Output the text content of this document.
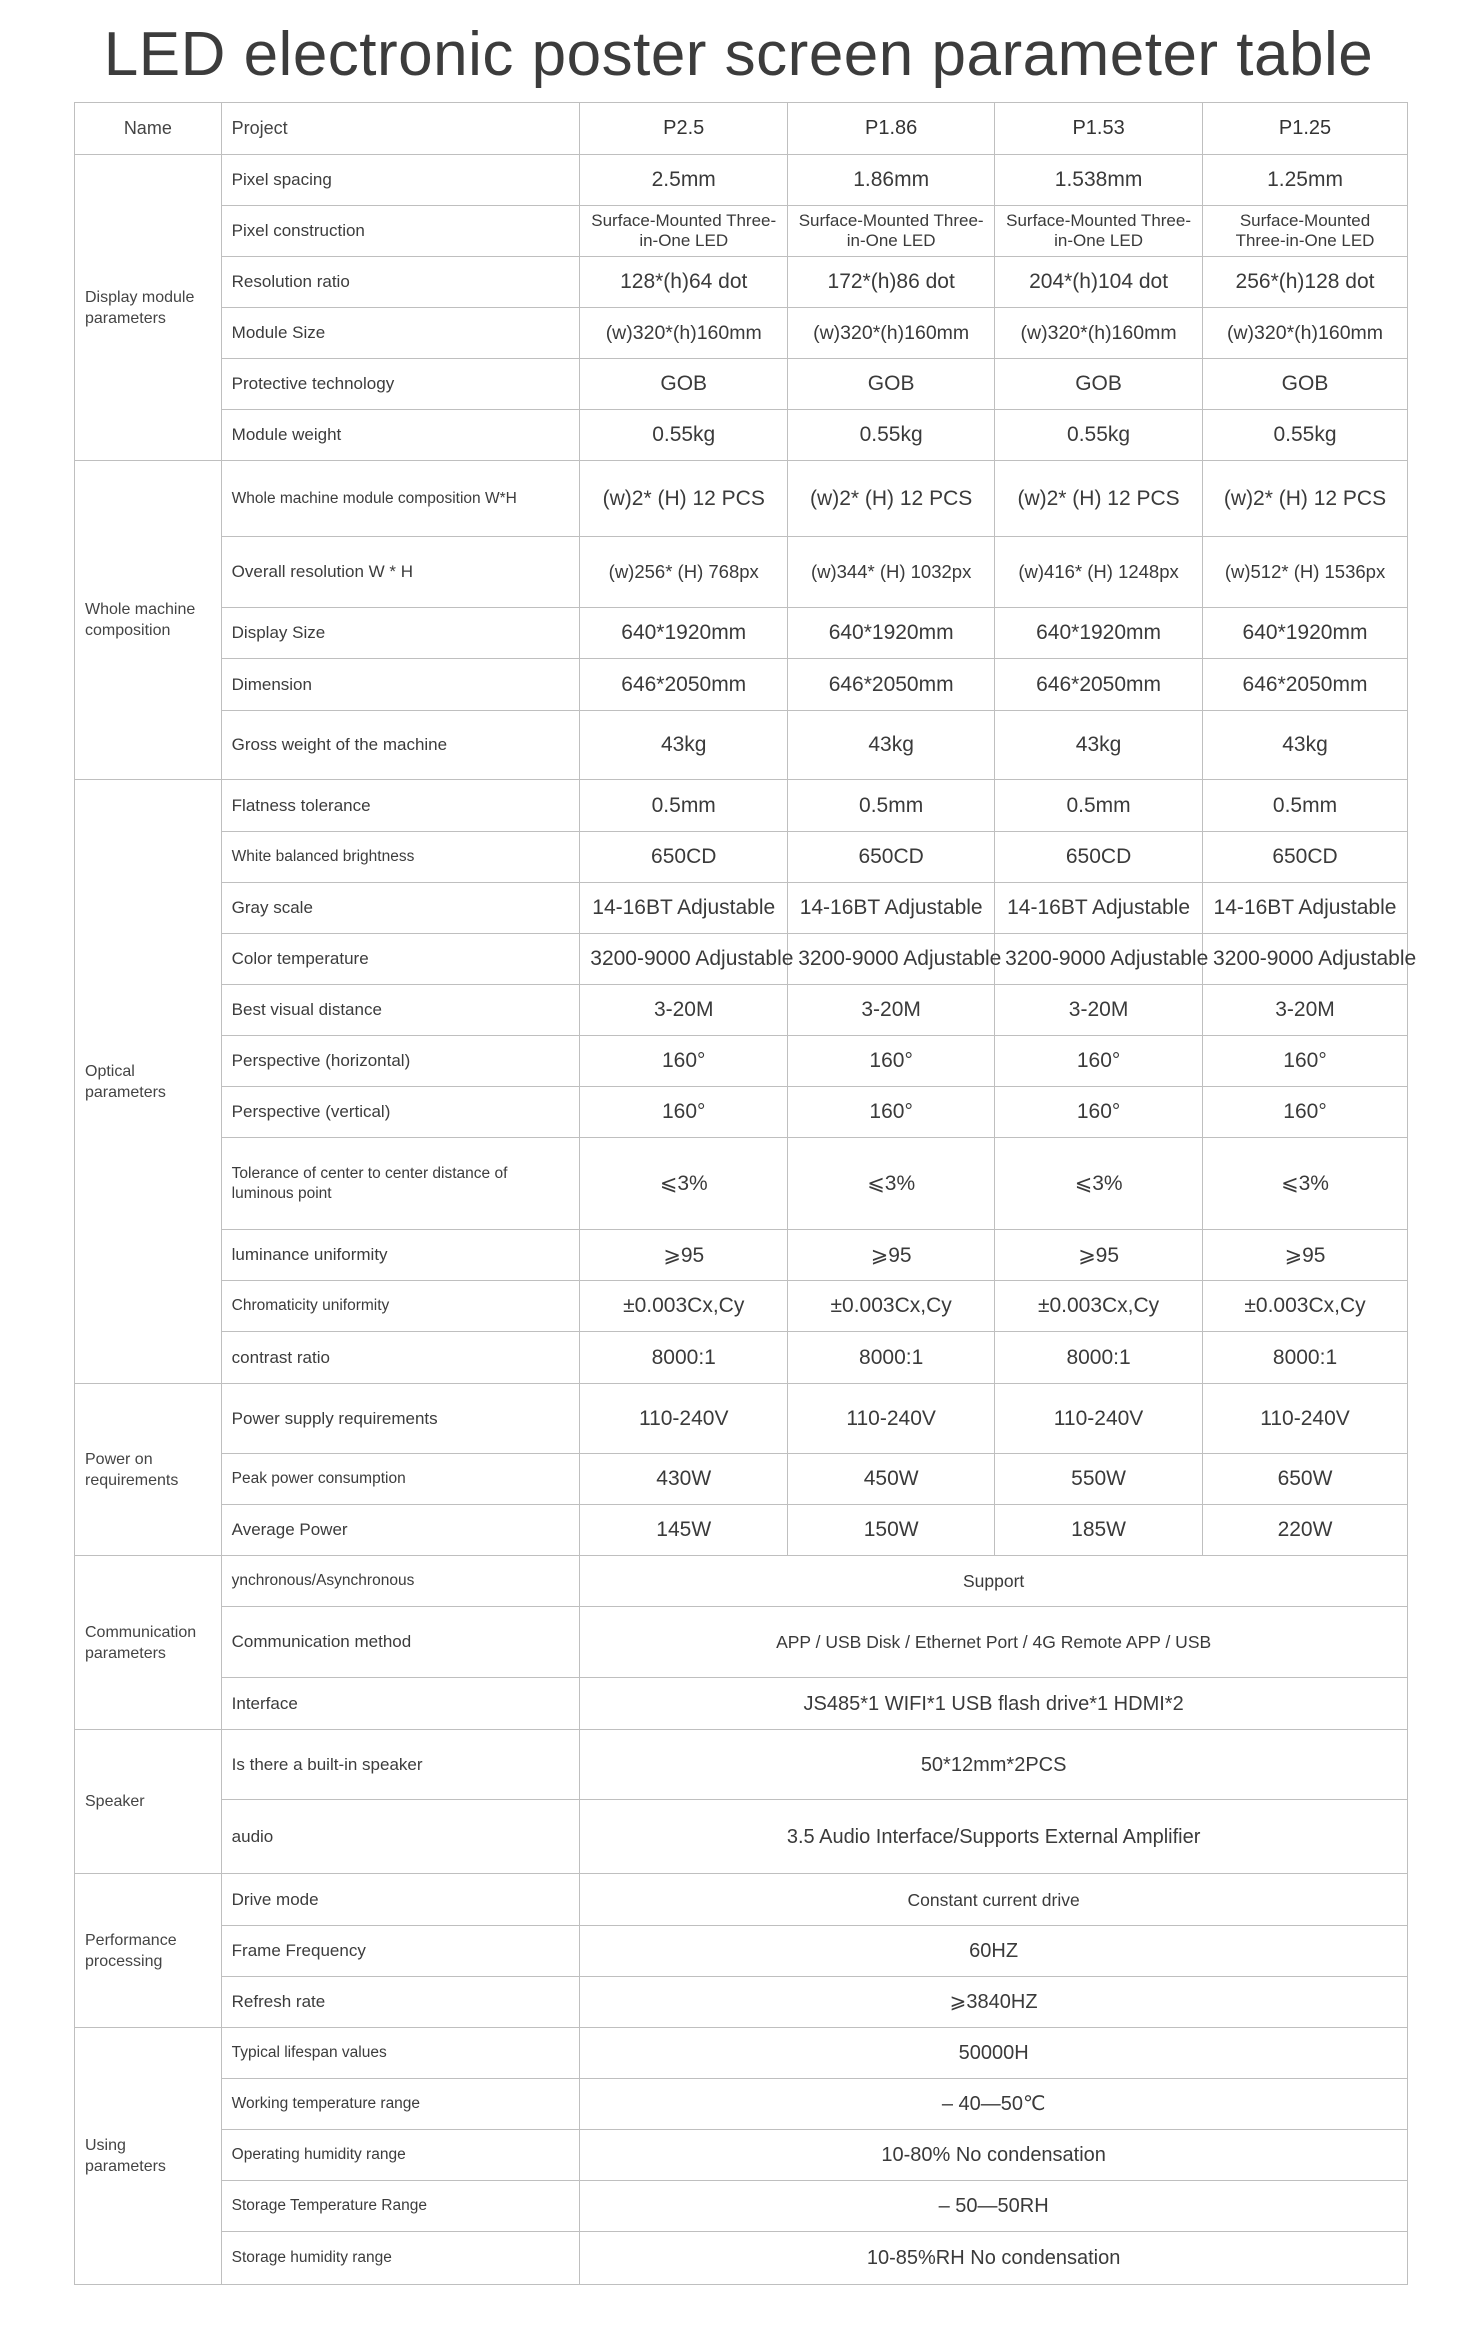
LED electronic poster screen parameter table
Name	Project	P2.5	P1.86	P1.53	P1.25
Display module parameters	Pixel spacing	2.5mm	1.86mm	1.538mm	1.25mm
	Pixel construction	Surface-Mounted Three-in-One LED	Surface-Mounted Three-in-One LED	Surface-Mounted Three-in-One LED	Surface-Mounted Three-in-One LED
	Resolution ratio	128*(h)64 dot	172*(h)86 dot	204*(h)104 dot	256*(h)128 dot
	Module Size	(w)320*(h)160mm	(w)320*(h)160mm	(w)320*(h)160mm	(w)320*(h)160mm
	Protective technology	GOB	GOB	GOB	GOB
	Module weight	0.55kg	0.55kg	0.55kg	0.55kg
Whole machine composition	Whole machine module composition W*H	(w)2* (H) 12 PCS	(w)2* (H) 12 PCS	(w)2* (H) 12 PCS	(w)2* (H) 12 PCS
	Overall resolution W * H	(w)256* (H) 768px	(w)344* (H) 1032px	(w)416* (H) 1248px	(w)512* (H) 1536px
	Display Size	640*1920mm	640*1920mm	640*1920mm	640*1920mm
	Dimension	646*2050mm	646*2050mm	646*2050mm	646*2050mm
	Gross weight of the machine	43kg	43kg	43kg	43kg
Optical parameters	Flatness tolerance	0.5mm	0.5mm	0.5mm	0.5mm
	White balanced brightness	650CD	650CD	650CD	650CD
	Gray scale	14-16BT Adjustable	14-16BT Adjustable	14-16BT Adjustable	14-16BT Adjustable
	Color temperature	3200-9000 Adjustable	3200-9000 Adjustable	3200-9000 Adjustable	3200-9000 Adjustable
	Best visual distance	3-20M	3-20M	3-20M	3-20M
	Perspective (horizontal)	160°	160°	160°	160°
	Perspective (vertical)	160°	160°	160°	160°
	Tolerance of center to center distance of luminous point	⩽3%	⩽3%	⩽3%	⩽3%
	luminance uniformity	⩾95	⩾95	⩾95	⩾95
	Chromaticity uniformity	±0.003Cx,Cy	±0.003Cx,Cy	±0.003Cx,Cy	±0.003Cx,Cy
	contrast ratio	8000:1	8000:1	8000:1	8000:1
Power on requirements	Power supply requirements	110-240V	110-240V	110-240V	110-240V
	Peak power consumption	430W	450W	550W	650W
	Average Power	145W	150W	185W	220W
Communication parameters	ynchronous/Asynchronous	Support			
	Communication method	APP / USB Disk / Ethernet Port / 4G Remote APP / USB			
	Interface	JS485*1 WIFI*1 USB flash drive*1 HDMI*2			
Speaker	Is there a built-in speaker	50*12mm*2PCS			
	audio	3.5 Audio Interface/Supports External Amplifier			
Performance processing	Drive mode	Constant current drive			
	Frame Frequency	60HZ			
	Refresh rate	⩾3840HZ			
Using parameters	Typical lifespan values	50000H			
	Working temperature range	– 40—50℃			
	Operating humidity range	10-80% No condensation			
	Storage Temperature Range	– 50—50RH			
	Storage humidity range	10-85%RH No condensation			
